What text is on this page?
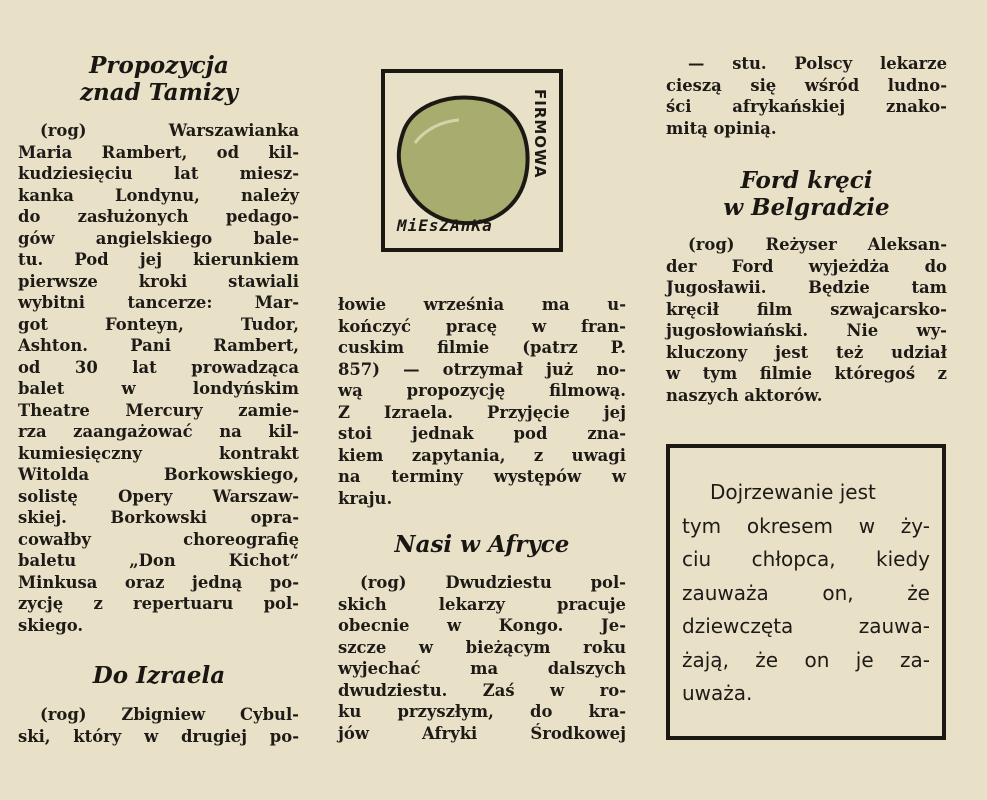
Propozycja
znad Tamizy
(rog) Warszawianka
Maria Rambert, od kil-
kudziesięciu lat miesz-
kanka Londynu, należy
do zasłużonych pedago-
gów angielskiego bale-
tu. Pod jej kierunkiem
pierwsze kroki stawiali
wybitni tancerze: Mar-
got Fonteyn, Tudor,
Ashton. Pani Rambert,
od 30 lat prowadząca
balet w londyńskim
Theatre Mercury zamie-
rza zaangażować na kil-
kumiesięczny kontrakt
Witolda Borkowskiego,
solistę Opery Warszaw-
skiej. Borkowski opra-
cowałby choreografię
baletu „Don Kichot“
Minkusa oraz jedną po-
zycję z repertuaru pol-
skiego.
Do Izraela
(rog) Zbigniew Cybul-
ski, który w drugiej po-
FIRMOWA
MiEsZAnKa
łowie września ma u-
kończyć pracę w fran-
cuskim filmie (patrz P.
857) — otrzymał już no-
wą propozycję filmową.
Z Izraela. Przyjęcie jej
stoi jednak pod zna-
kiem zapytania, z uwagi
na terminy występów w
kraju.
Nasi w Afryce
(rog) Dwudziestu pol-
skich lekarzy pracuje
obecnie w Kongo. Je-
szcze w bieżącym roku
wyjechać ma dalszych
dwudziestu. Zaś w ro-
ku przyszłym, do kra-
jów Afryki Środkowej
— stu. Polscy lekarze
cieszą się wśród ludno-
ści afrykańskiej znako-
mitą opinią.
Ford kręci
w Belgradzie
(rog) Reżyser Aleksan-
der Ford wyjeżdża do
Jugosławii. Będzie tam
kręcił film szwajcarsko-
jugosłowiański. Nie wy-
kluczony jest też udział
w tym filmie któregoś z
naszych aktorów.
Dojrzewanie jest
tym okresem w ży-
ciu chłopca, kiedy
zauważa on, że
dziewczęta zauwa-
żają, że on je za-
uważa.
